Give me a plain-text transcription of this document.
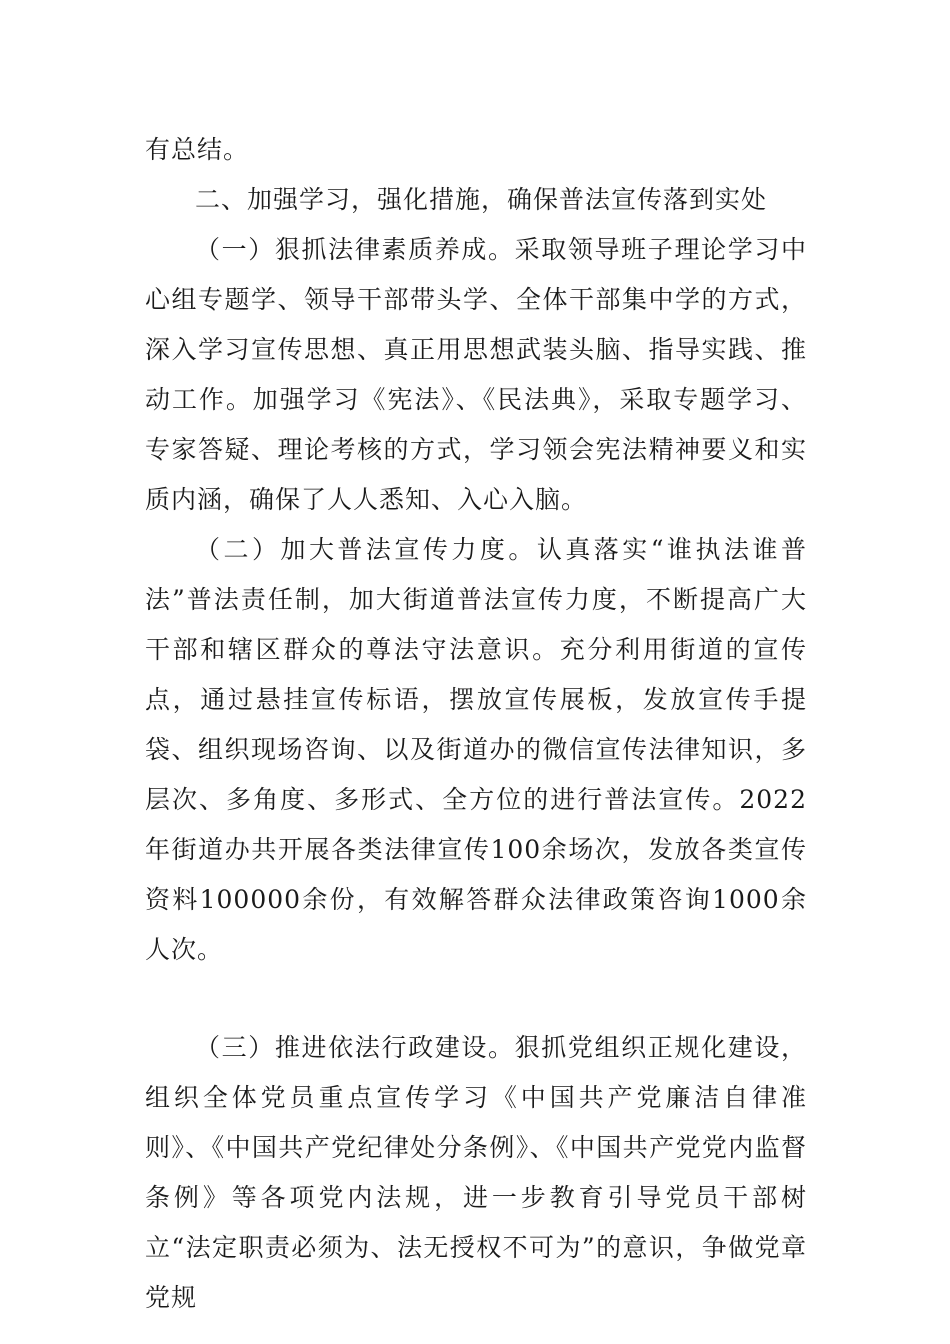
有总结。

二、加强学习，强化措施，确保普法宣传落到实处

（一）狠抓法律素质养成。采取领导班子理论学习中心组专题学、领导干部带头学、全体干部集中学的方式，深入学习宣传思想、真正用思想武装头脑、指导实践、推动工作。加强学习《宪法》、《民法典》，采取专题学习、专家答疑、理论考核的方式，学习领会宪法精神要义和实质内涵，确保了人人悉知、入心入脑。

（二）加大普法宣传力度。认真落实“谁执法谁普法”普法责任制，加大街道普法宣传力度，不断提高广大干部和辖区群众的尊法守法意识。充分利用街道的宣传点，通过悬挂宣传标语，摆放宣传展板，发放宣传手提袋、组织现场咨询、以及街道办的微信宣传法律知识，多层次、多角度、多形式、全方位的进行普法宣传。2022年街道办共开展各类法律宣传100余场次，发放各类宣传资料100000余份，有效解答群众法律政策咨询1000余人次。

（三）推进依法行政建设。狠抓党组织正规化建设，组织全体党员重点宣传学习《中国共产党廉洁自律准则》、《中国共产党纪律处分条例》、《中国共产党党内监督条例》等各项党内法规，进一步教育引导党员干部树立“法定职责必须为、法无授权不可为”的意识，争做党章党规
